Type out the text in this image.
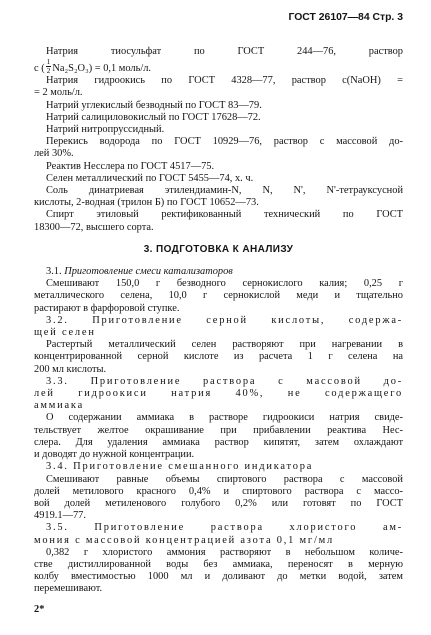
ГОСТ 26107—84 Стр. 3

Натрия тиосульфат по ГОСТ 244—76, раствор

c ( $\frac{1}{2} Na_2S_2O_3) = 0,1$ моль/л.

Натрия гидроокись по ГОСТ 4328—77, раствор c(NaOH) =

= 2 моль/л.

Натрий углекислый безводный по ГОСТ 83—79.

Натрий салициловокислый по ГОСТ 17628—72.

Натрий нитропруссидный.

Перекись водорода по ГОСТ 10929—76, раствор с массовой до-

лей 30%.

Реактив Несслера по ГОСТ 4517—75.

Селен металлический по ГОСТ 5455—74, х. ч.

Соль динатриевая этилендиамин-N, N, N', N'-тетрауксусной

кислоты, 2-водная (трилон Б) по ГОСТ 10652—73.

Спирт этиловый ректификованный технический по ГОСТ

18300—72, высшего сорта.

3. ПОДГОТОВКА К АНАЛИЗУ

3.1. Приготовление смеси катализаторов

Смешивают 150,0 г безводного сернокислого калия; 0,25 г

металлического селена, 10,0 г сернокислой меди и тщательно

растирают в фарфоровой ступке.

3.2. Приготовление серной кислоты, содержа-

щей селен

Растертый металлический селен растворяют при нагревании в

концентрированной серной кислоте из расчета 1 г селена на

200 мл кислоты.

3.3. Приготовление раствора с массовой до-

лей гидроокиси натрия 40%, не содержащего

аммиака

О содержании аммиака в растворе гидроокиси натрия свиде-

тельствует желтое окрашивание при прибавлении реактива Нес-

слера. Для удаления аммиака раствор кипятят, затем охлаждают

и доводят до нужной концентрации.

3.4. Приготовление смешанного индикатора

Смешивают равные объемы спиртового раствора с массовой

долей метилового красного 0,4% и спиртового раствора с массо-

вой долей метиленового голубого 0,2% или готовят по ГОСТ

4919.1—77.

3.5. Приготовление раствора хлористого ам-

мония с массовой концентрацией азота 0,1 мг/мл

0,382 г хлористого аммония растворяют в небольшом количе-

стве дистиллированной воды без аммиака, переносят в мерную

колбу вместимостью 1000 мл и доливают до метки водой, затем

перемешивают.

2*
